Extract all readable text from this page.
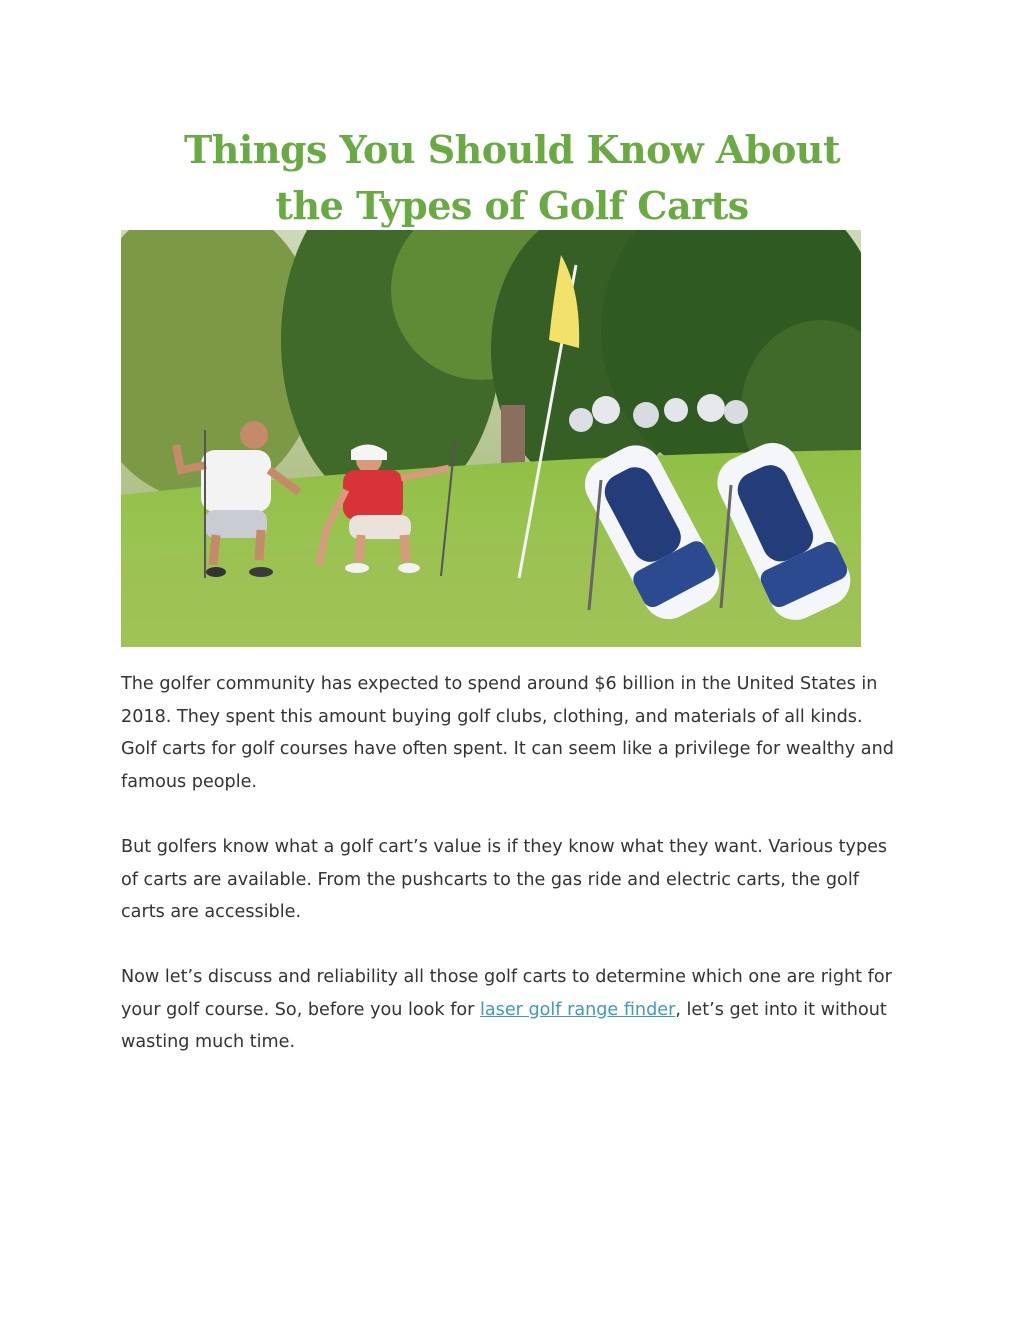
Things You Should Know About
the Types of Golf Carts

The golfer community has expected to spend around $6 billion in the United States in 2018. They spent this amount buying golf clubs, clothing, and materials of all kinds. Golf carts for golf courses have often spent. It can seem like a privilege for wealthy and famous people.

But golfers know what a golf cart’s value is if they know what they want. Various types of carts are available. From the pushcarts to the gas ride and electric carts, the golf carts are accessible.

Now let’s discuss and reliability all those golf carts to determine which one are right for your golf course. So, before you look for laser golf range finder, let’s get into it without wasting much time.
